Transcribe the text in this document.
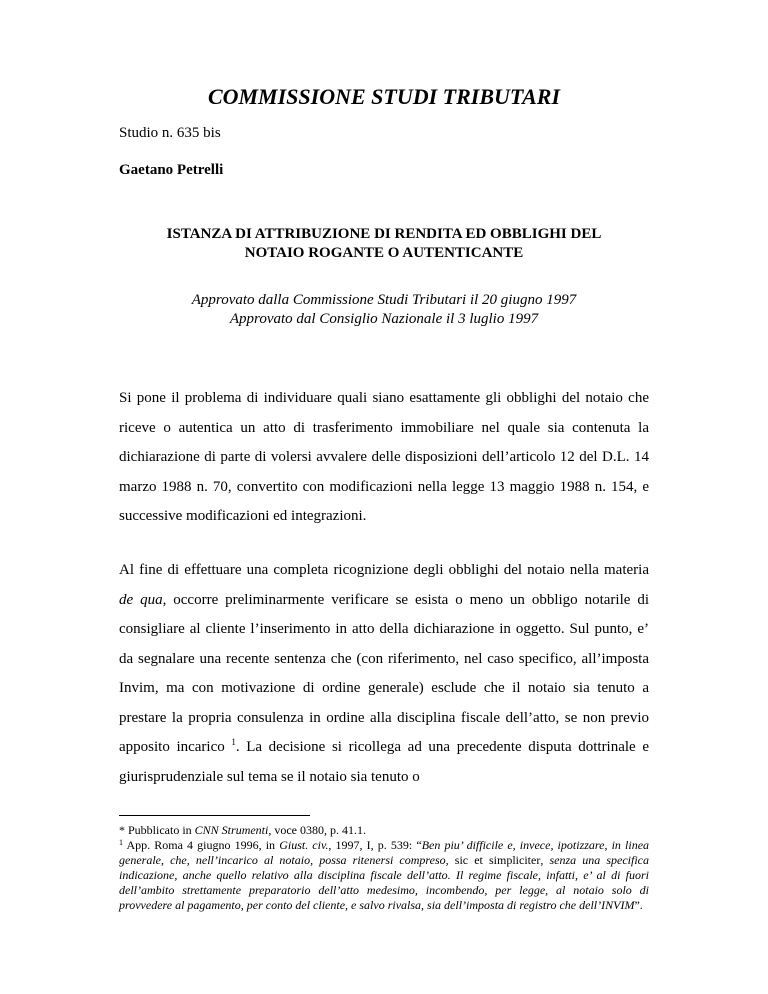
COMMISSIONE STUDI TRIBUTARI

Studio n. 635 bis

Gaetano Petrelli

ISTANZA DI ATTRIBUZIONE DI RENDITA ED OBBLIGHI DEL
NOTAIO ROGANTE O AUTENTICANTE
Approvato dalla Commissione Studi Tributari il 20 giugno 1997
Approvato dal Consiglio Nazionale il 3 luglio 1997

Si pone il problema di individuare quali siano esattamente gli obblighi del notaio che riceve o autentica un atto di trasferimento immobiliare nel quale sia contenuta la dichiarazione di parte di volersi avvalere delle disposizioni dell’articolo 12 del D.L. 14 marzo 1988 n. 70, convertito con modificazioni nella legge 13 maggio 1988 n. 154, e successive modificazioni ed integrazioni.

Al fine di effettuare una completa ricognizione degli obblighi del notaio nella materia de qua, occorre preliminarmente verificare se esista o meno un obbligo notarile di consigliare al cliente l’inserimento in atto della dichiarazione in oggetto. Sul punto, e’ da segnalare una recente sentenza che (con riferimento, nel caso specifico, all’imposta Invim, ma con motivazione di ordine generale) esclude che il notaio sia tenuto a prestare la propria consulenza in ordine alla disciplina fiscale dell’atto, se non previo apposito incarico $^1$. La decisione si ricollega ad una precedente disputa dottrinale e giurisprudenziale sul tema se il notaio sia tenuto o

* Pubblicato in CNN Strumenti, voce 0380, p. 41.1.

$^1$ App. Roma 4 giugno 1996, in Giust. civ., 1997, I, p. 539: “Ben piu’ difficile e, invece, ipotizzare, in linea generale, che, nell’incarico al notaio, possa ritenersi compreso, sic et simpliciter, senza una specifica indicazione, anche quello relativo alla disciplina fiscale dell’atto. Il regime fiscale, infatti, e’ al di fuori dell’ambito strettamente preparatorio dell’atto medesimo, incombendo, per legge, al notaio solo di provvedere al pagamento, per conto del cliente, e salvo rivalsa, sia dell’imposta di registro che dell’INVIM”.
